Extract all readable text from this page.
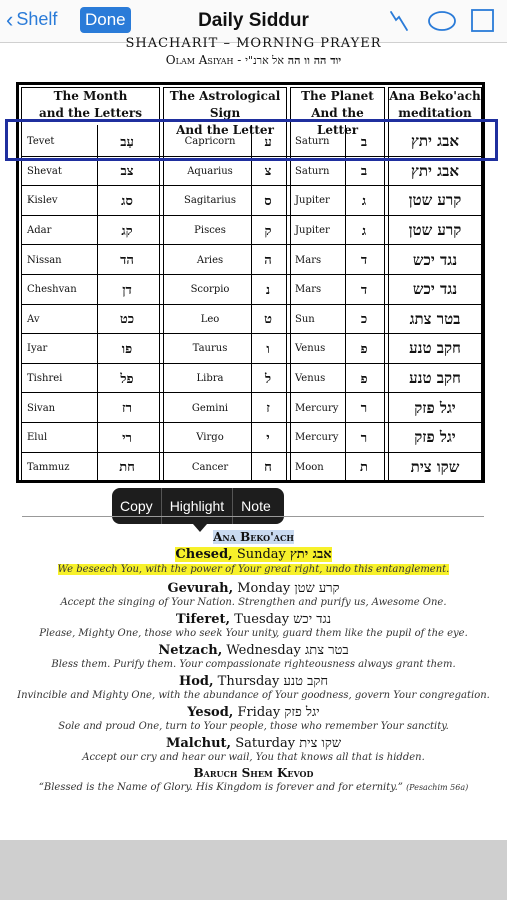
‹ Shelf Done	Daily Siddur
SHACHARIT – MORNING PRAYER
Olam Asiyah -	יוד הה וו הה אל ארנ"י
The Month
and the Letters
The Astrological Sign
And the Letter
The Planet
And the Letter
Ana Beko'ach
meditation
Tevet	עַב	Capricorn	ע	Saturn	ב	אבג יתץ
Shevat	צב	Aquarius	צ	Saturn	ב	אבג יתץ
Kislev	סג	Sagitarius	ס	Jupiter	ג	קרע שטן
Adar	קג	Pisces	ק	Jupiter	ג	קרע שטן
Nissan	הד	Aries	ה	Mars	ד	נגד יכש
Cheshvan	דן	Scorpio	נ	Mars	ד	נגד יכש
Av	כט	Leo	ט	Sun	כ	בטר צתג
Iyar	פו	Taurus	ו	Venus	פ	חקב טנע
Tishrei	פל	Libra	ל	Venus	פ	חקב טנע
Sivan	רז	Gemini	ז	Mercury	ר	יגל פזק
Elul	רי	Virgo	י	Mercury	ר	יגל פזק
Tammuz	חת	Cancer	ח	Moon	ת	שקו צית
Copy	Highlight	Note
Ana Beko'ach
Chesed, Sunday אבג יתץ
We beseech You, with the power of Your great right, undo this entanglement.
Gevurah, Monday קרע שטן
Accept the singing of Your Nation. Strengthen and purify us, Awesome One.
Tiferet, Tuesday נגד יכש
Please, Mighty One, those who seek Your unity, guard them like the pupil of the eye.
Netzach, Wednesday בטר צתג
Bless them. Purify them. Your compassionate righteousness always grant them.
Hod, Thursday חקב טנע
Invincible and Mighty One, with the abundance of Your goodness, govern Your congregation.
Yesod, Friday יגל פזק
Sole and proud One, turn to Your people, those who remember Your sanctity.
Malchut, Saturday שקו צית
Accept our cry and hear our wail, You that knows all that is hidden.
Baruch Shem Kevod
“Blessed is the Name of Glory. His Kingdom is forever and for eternity.” (Pesachim 56a)
